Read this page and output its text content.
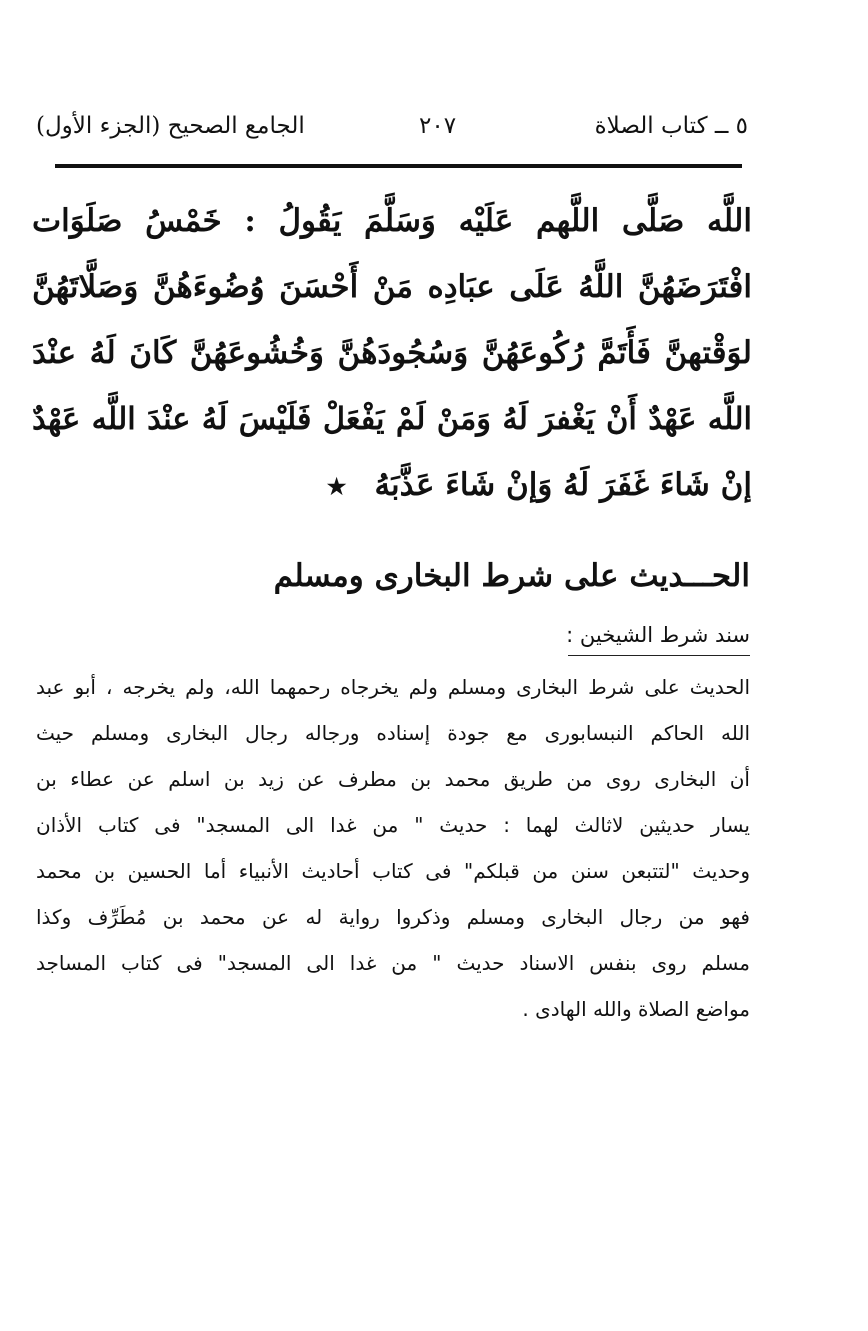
٥ ــ كتاب الصلاة
٢٠٧
الجامع الصحيح (الجزء الأول)
اللَّه صَلَّى اللَّهم عَلَيْه وَسَلَّمَ يَقُولُ : خَمْسُ صَلَوَات
افْتَرَضَهُنَّ اللَّهُ عَلَى عبَادِه مَنْ أَحْسَنَ وُضُوءَهُنَّ وَصَلَّاتَهُنَّ
لوَقْتهنَّ فَأَتَمَّ رُكُوعَهُنَّ وَسُجُودَهُنَّ وَخُشُوعَهُنَّ كَانَ لَهُ عنْدَ
اللَّه عَهْدٌ أَنْ يَغْفرَ لَهُ وَمَنْ لَمْ يَفْعَلْ فَلَيْسَ لَهُ عنْدَ اللَّه عَهْدٌ
إنْ شَاءَ غَفَرَ لَهُ وَإنْ شَاءَ عَذَّبَهُ★
الحـــديث على شرط البخارى ومسلم
سند شرط الشيخين :
الحديث على شرط البخارى ومسلم ولم يخرجاه رحمهما الله، ولم يخرجه ، أبو عبد
الله الحاكم النبسابورى مع جودة إسناده ورجاله رجال البخارى ومسلم حيث
أن البخارى روى من طريق محمد بن مطرف عن زيد بن اسلم عن عطاء بن
يسار حديثين لاثالث لهما : حديث " من غدا الى المسجد" فى كتاب الأذان
وحديث "لتتبعن سنن من قبلكم" فى كتاب أحاديث الأنبياء أما الحسين بن محمد
فهو من رجال البخارى ومسلم وذكروا رواية له عن محمد بن مُطَرِّف وكذا
مسلم روى بنفس الاسناد حديث " من غدا الى المسجد" فى كتاب المساجد
مواضع الصلاة والله الهادى .
